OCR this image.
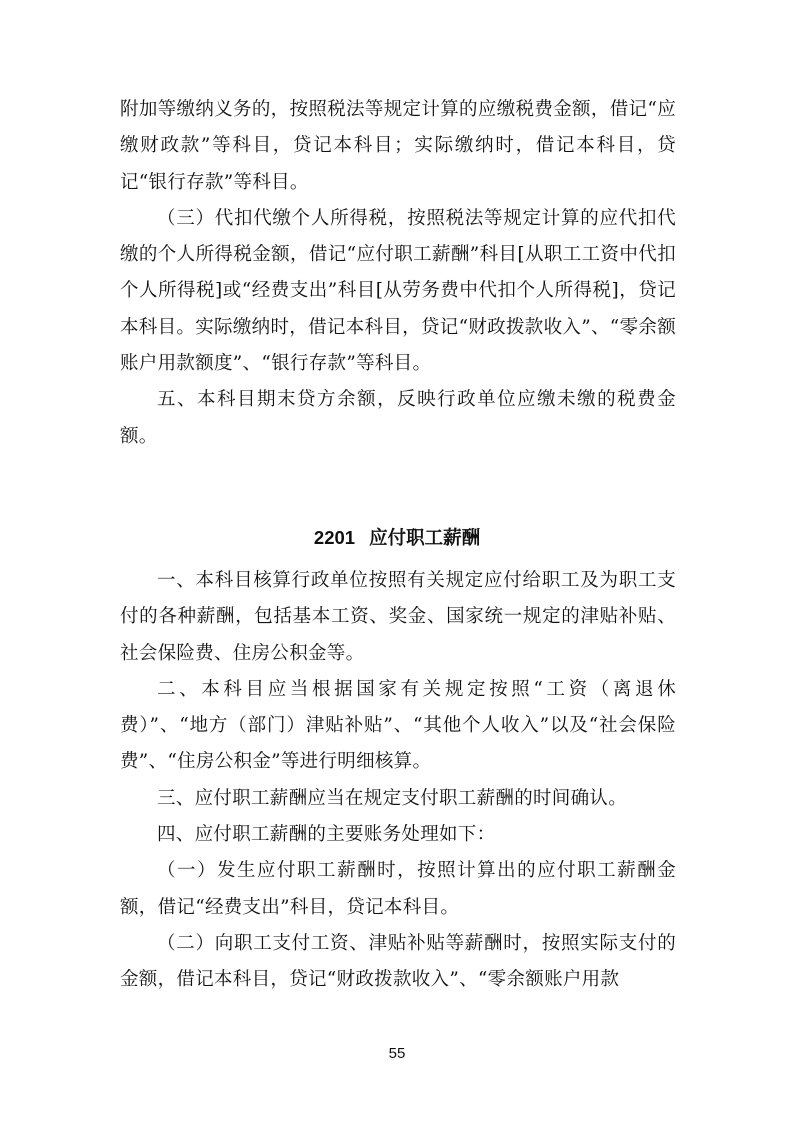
附加等缴纳义务的，按照税法等规定计算的应缴税费金额，借记“应缴财政款”等科目，贷记本科目；实际缴纳时，借记本科目，贷记“银行存款”等科目。

（三）代扣代缴个人所得税，按照税法等规定计算的应代扣代缴的个人所得税金额，借记“应付职工薪酬”科目[从职工工资中代扣个人所得税]或“经费支出”科目[从劳务费中代扣个人所得税]，贷记本科目。实际缴纳时，借记本科目，贷记“财政拨款收入”、“零余额账户用款额度”、“银行存款”等科目。

五、本科目期末贷方余额，反映行政单位应缴未缴的税费金额。

2201 应付职工薪酬

一、本科目核算行政单位按照有关规定应付给职工及为职工支付的各种薪酬，包括基本工资、奖金、国家统一规定的津贴补贴、社会保险费、住房公积金等。

二、本科目应当根据国家有关规定按照“工资（离退休费）”、“地方（部门）津贴补贴”、“其他个人收入”以及“社会保险费”、“住房公积金”等进行明细核算。

三、应付职工薪酬应当在规定支付职工薪酬的时间确认。

四、应付职工薪酬的主要账务处理如下：

（一）发生应付职工薪酬时，按照计算出的应付职工薪酬金额，借记“经费支出”科目，贷记本科目。

（二）向职工支付工资、津贴补贴等薪酬时，按照实际支付的金额，借记本科目，贷记“财政拨款收入”、“零余额账户用款

55
